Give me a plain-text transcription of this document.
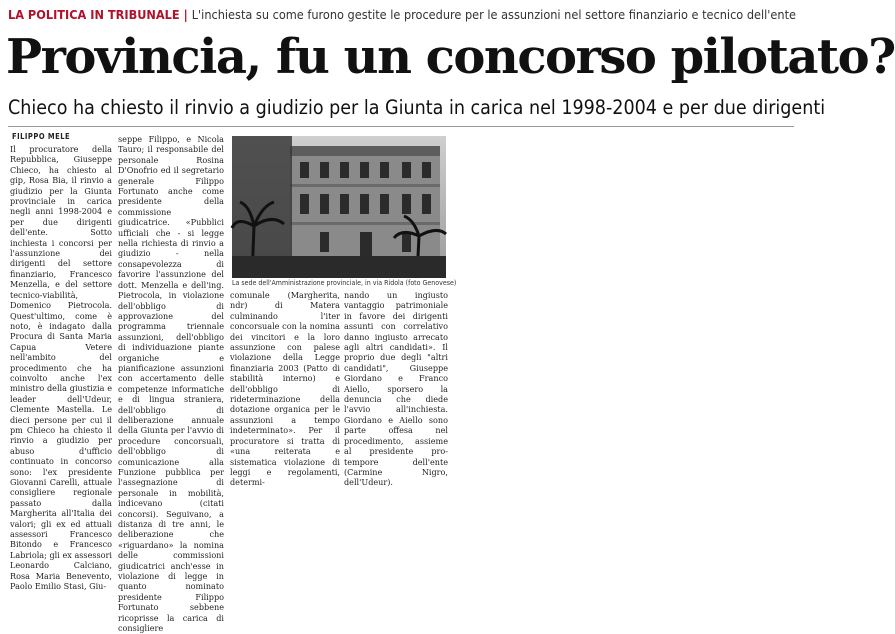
LA POLITICA IN TRIBUNALE | L'inchiesta su come furono gestite le procedure per le assunzioni nel settore finanziario e tecnico dell'ente
Provincia, fu un concorso pilotato?
Chieco ha chiesto il rinvio a giudizio per la Giunta in carica nel 1998-2004 e per due dirigenti
FILIPPO MELE
Il procuratore della Repubblica, Giuseppe Chieco, ha chiesto al gip, Rosa Bia, il rinvio a giudizio per la Giunta provinciale in carica negli anni 1998-2004 e per due dirigenti dell'ente. Sotto inchiesta i concorsi per l'assunzione dei dirigenti del settore finanziario, Francesco Menzella, e del settore tecnico-viabilità, Domenico Pietrocola. Quest'ultimo, come è noto, è indagato dalla Procura di Santa Maria Capua Vetere nell'ambito del procedimento che ha coinvolto anche l'ex ministro della giustizia e leader dell'Udeur, Clemente Mastella. Le dieci persone per cui il pm Chieco ha chiesto il rinvio a giudizio per abuso d'ufficio continuato in concorso sono: l'ex presidente Giovanni Carelli, attuale consigliere regionale passato dalla Margherita all'Italia dei valori; gli ex ed attuali assessori Francesco Bitondo e Francesco Labriola; gli ex assessori Leonardo Calciano, Rosa Maria Benevento, Paolo Emilio Stasi, Giu-
seppe Filippo, e Nicola Tauro; il responsabile del personale Rosina D'Onofrio ed il segretario generale Filippo Fortunato anche come presidente della commissione giudicatrice. «Pubblici ufficiali che - si legge nella richiesta di rinvio a giudizio - nella consapevolezza di favorire l'assunzione del dott. Menzella e dell'ing. Pietrocola, in violazione dell'obbligo di approvazione del programma triennale assunzioni, dell'obbligo di individuazione piante organiche e pianificazione assunzioni con accertamento delle competenze informatiche e di lingua straniera, dell'obbligo di deliberazione annuale della Giunta per l'avvio di procedure concorsuali, dell'obbligo di comunicazione alla Funzione pubblica per l'assegnazione di personale in mobilità, indicevano (citati concorsi). Seguivano, a distanza di tre anni, le deliberazione che «riguardano» la nomina delle commissioni giudicatrici anch'esse in violazione di legge in quanto nominato presidente Filippo Fortunato sebbene ricoprisse la carica di consigliere
La sede dell'Amministrazione provinciale, in via Ridola (foto Genovese)
comunale (Margherita, ndr) di Matera culminando l'iter concorsuale con la nomina dei vincitori e la loro assunzione con palese violazione della Legge finanziaria 2003 (Patto di stabilità interno) e dell'obbligo di rideterminazione della dotazione organica per le assunzioni a tempo indeterminato». Per il procuratore si tratta di «una reiterata e sistematica violazione di leggi e regolamenti, determi-
nando un ingiusto vantaggio patrimoniale in favore dei dirigenti assunti con correlativo danno ingiusto arrecato agli altri candidati». Il proprio due degli "altri candidati", Giuseppe Giordano e Franco Aiello, sporsero la denuncia che diede l'avvio all'inchiesta. Giordano e Aiello sono parte offesa nel procedimento, assieme al presidente pro-tempore dell'ente (Carmine Nigro, dell'Udeur).
